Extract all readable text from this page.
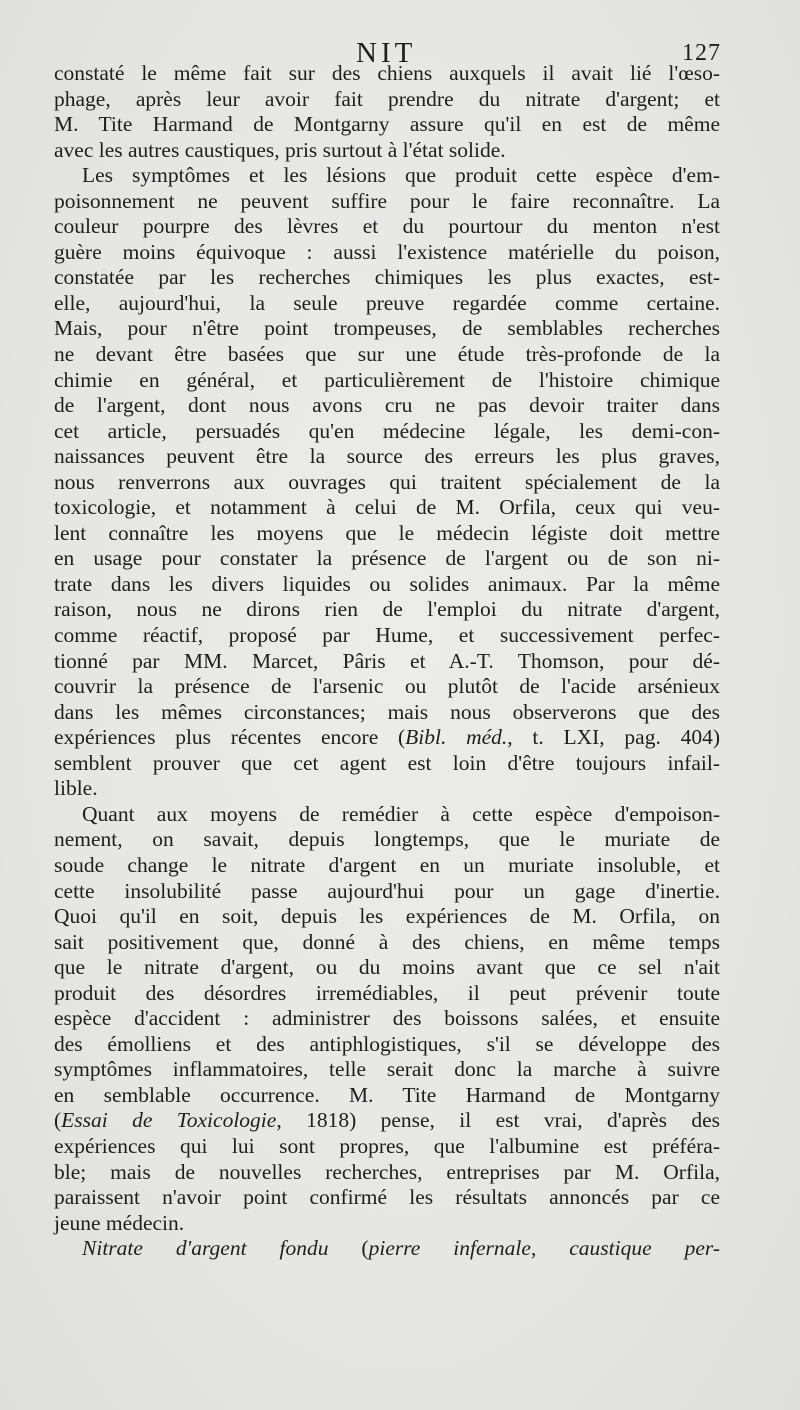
NIT	127

constaté le même fait sur des chiens auxquels il avait lié l'œso-
phage, après leur avoir fait prendre du nitrate d'argent; et
M. Tite Harmand de Montgarny assure qu'il en est de même
avec les autres caustiques, pris surtout à l'état solide.

Les symptômes et les lésions que produit cette espèce d'em-
poisonnement ne peuvent suffire pour le faire reconnaître. La
couleur pourpre des lèvres et du pourtour du menton n'est
guère moins équivoque : aussi l'existence matérielle du poison,
constatée par les recherches chimiques les plus exactes, est-
elle, aujourd'hui, la seule preuve regardée comme certaine.
Mais, pour n'être point trompeuses, de semblables recherches
ne devant être basées que sur une étude très-profonde de la
chimie en général, et particulièrement de l'histoire chimique
de l'argent, dont nous avons cru ne pas devoir traiter dans
cet article, persuadés qu'en médecine légale, les demi-con-
naissances peuvent être la source des erreurs les plus graves,
nous renverrons aux ouvrages qui traitent spécialement de la
toxicologie, et notamment à celui de M. Orfila, ceux qui veu-
lent connaître les moyens que le médecin légiste doit mettre
en usage pour constater la présence de l'argent ou de son ni-
trate dans les divers liquides ou solides animaux. Par la même
raison, nous ne dirons rien de l'emploi du nitrate d'argent,
comme réactif, proposé par Hume, et successivement perfec-
tionné par MM. Marcet, Pâris et A.-T. Thomson, pour dé-
couvrir la présence de l'arsenic ou plutôt de l'acide arsénieux
dans les mêmes circonstances; mais nous observerons que des
expériences plus récentes encore (Bibl. méd., t. LXI, pag. 404)
semblent prouver que cet agent est loin d'être toujours infail-
lible.

Quant aux moyens de remédier à cette espèce d'empoison-
nement, on savait, depuis longtemps, que le muriate de
soude change le nitrate d'argent en un muriate insoluble, et
cette insolubilité passe aujourd'hui pour un gage d'inertie.
Quoi qu'il en soit, depuis les expériences de M. Orfila, on
sait positivement que, donné à des chiens, en même temps
que le nitrate d'argent, ou du moins avant que ce sel n'ait
produit des désordres irremédiables, il peut prévenir toute
espèce d'accident : administrer des boissons salées, et ensuite
des émolliens et des antiphlogistiques, s'il se développe des
symptômes inflammatoires, telle serait donc la marche à suivre
en semblable occurrence. M. Tite Harmand de Montgarny
(Essai de Toxicologie, 1818) pense, il est vrai, d'après des
expériences qui lui sont propres, que l'albumine est préféra-
ble; mais de nouvelles recherches, entreprises par M. Orfila,
paraissent n'avoir point confirmé les résultats annoncés par ce
jeune médecin.

Nitrate d'argent fondu (pierre infernale, caustique per-
